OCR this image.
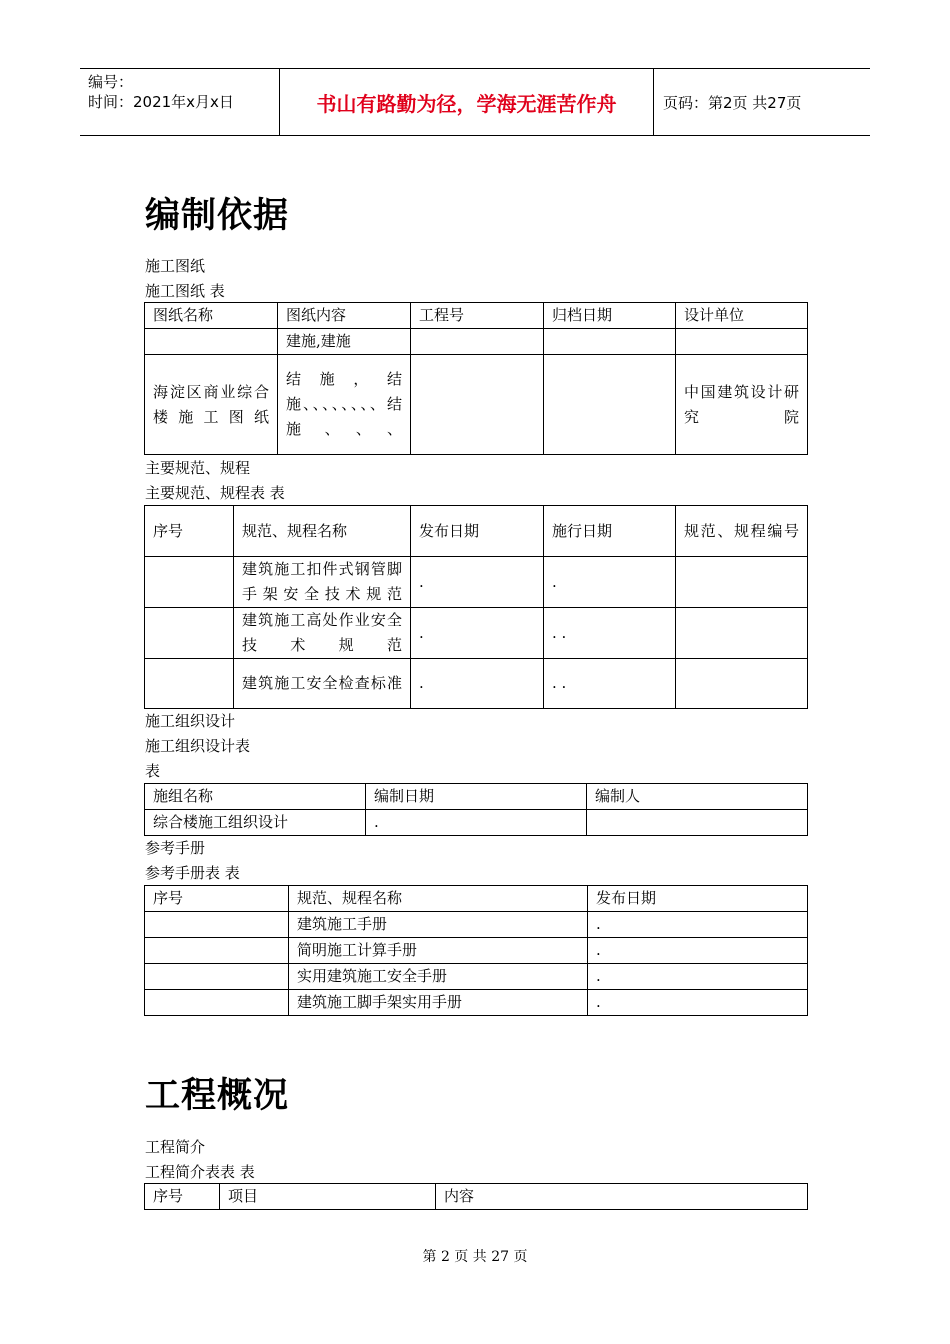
编号：
时间：2021年x月x日	书山有路勤为径，学海无涯苦作舟	页码：第2页 共27页
编制依据
施工图纸
施工图纸 表
图纸名称	图纸内容	工程号	归档日期	设计单位
	建施,建施			
海淀区商业综合楼施工图纸	结施，结施、、、、、、、、结施、、、			中国建筑设计研究院
主要规范、规程
主要规范、规程表 表
序号	规范、规程名称	发布日期	施行日期	规范、规程编号
	建筑施工扣件式钢管脚手架安全技术规范	.	.	
	建筑施工高处作业安全技术规范	.	. .	
	建筑施工安全检查标准	.	. .	
施工组织设计
施工组织设计表
表
施组名称	编制日期	编制人
综合楼施工组织设计	.	
参考手册
参考手册表 表
序号	规范、规程名称	发布日期
	建筑施工手册	.
	简明施工计算手册	.
	实用建筑施工安全手册	.
	建筑施工脚手架实用手册	.
工程概况
工程简介
工程简介表表 表
序号	项目	内容
第 2 页 共 27 页
